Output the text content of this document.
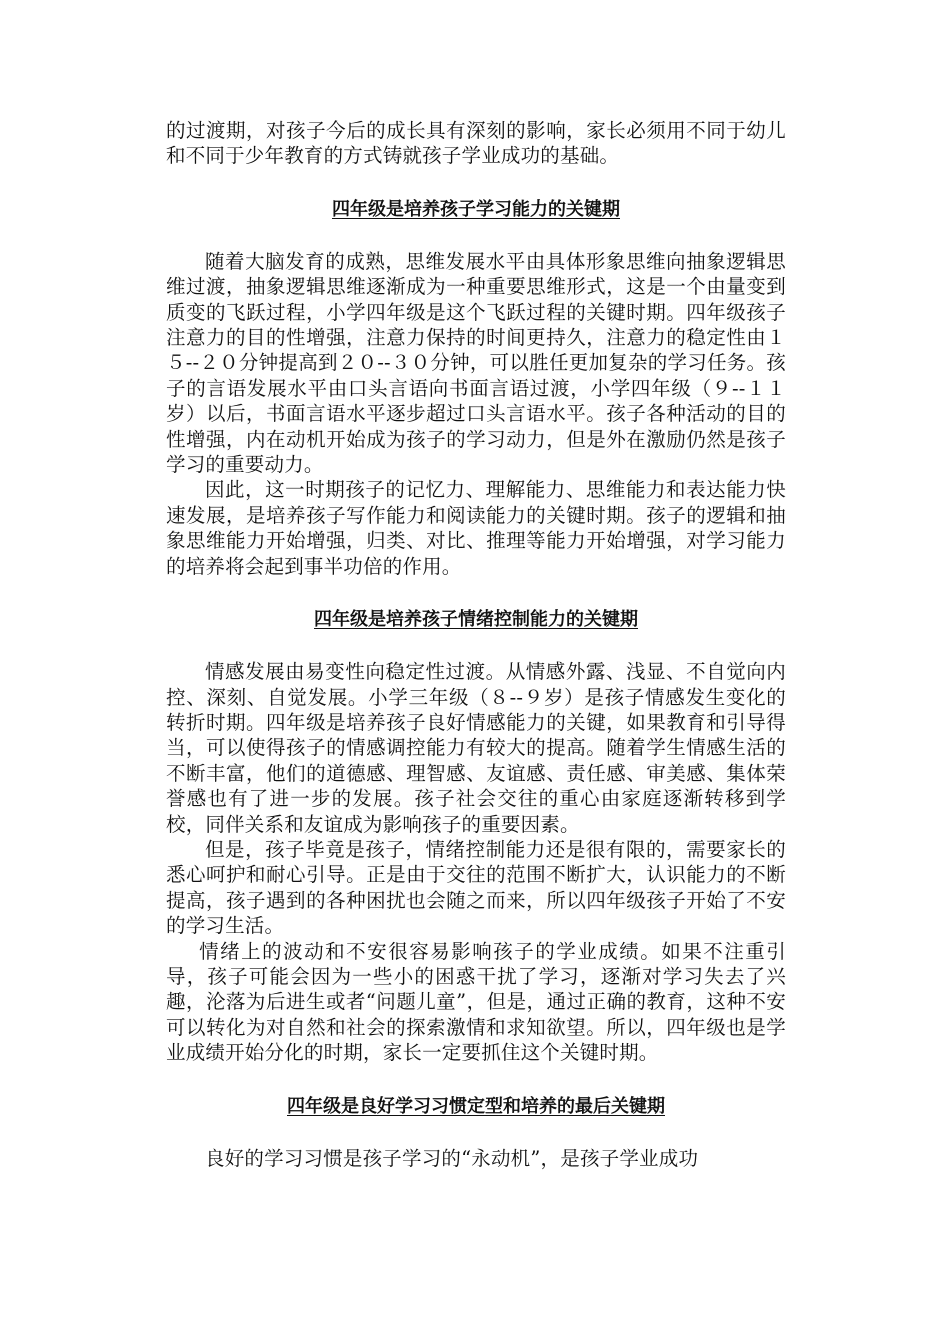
的过渡期，对孩子今后的成长具有深刻的影响，家长必须用不同于幼儿和不同于少年教育的方式铸就孩子学业成功的基础。

四年级是培养孩子学习能力的关键期

随着大脑发育的成熟，思维发展水平由具体形象思维向抽象逻辑思维过渡，抽象逻辑思维逐渐成为一种重要思维形式，这是一个由量变到质变的飞跃过程，小学四年级是这个飞跃过程的关键时期。四年级孩子注意力的目的性增强，注意力保持的时间更持久，注意力的稳定性由１５--２０分钟提高到２０--３０分钟，可以胜任更加复杂的学习任务。孩子的言语发展水平由口头言语向书面言语过渡，小学四年级（９--１１岁）以后，书面言语水平逐步超过口头言语水平。孩子各种活动的目的性增强，内在动机开始成为孩子的学习动力，但是外在激励仍然是孩子学习的重要动力。

因此，这一时期孩子的记忆力、理解能力、思维能力和表达能力快速发展，是培养孩子写作能力和阅读能力的关键时期。孩子的逻辑和抽象思维能力开始增强，归类、对比、推理等能力开始增强，对学习能力的培养将会起到事半功倍的作用。

四年级是培养孩子情绪控制能力的关键期

情感发展由易变性向稳定性过渡。从情感外露、浅显、不自觉向内控、深刻、自觉发展。小学三年级（８--９岁）是孩子情感发生变化的转折时期。四年级是培养孩子良好情感能力的关键，如果教育和引导得当，可以使得孩子的情感调控能力有较大的提高。随着学生情感生活的不断丰富，他们的道德感、理智感、友谊感、责任感、审美感、集体荣誉感也有了进一步的发展。孩子社会交往的重心由家庭逐渐转移到学校，同伴关系和友谊成为影响孩子的重要因素。

但是，孩子毕竟是孩子，情绪控制能力还是很有限的，需要家长的悉心呵护和耐心引导。正是由于交往的范围不断扩大，认识能力的不断提高，孩子遇到的各种困扰也会随之而来，所以四年级孩子开始了不安的学习生活。

情绪上的波动和不安很容易影响孩子的学业成绩。如果不注重引导，孩子可能会因为一些小的困惑干扰了学习，逐渐对学习失去了兴趣，沦落为后进生或者“问题儿童”，但是，通过正确的教育，这种不安可以转化为对自然和社会的探索激情和求知欲望。所以，四年级也是学业成绩开始分化的时期，家长一定要抓住这个关键时期。

四年级是良好学习习惯定型和培养的最后关键期

良好的学习习惯是孩子学习的“永动机”，是孩子学业成功
